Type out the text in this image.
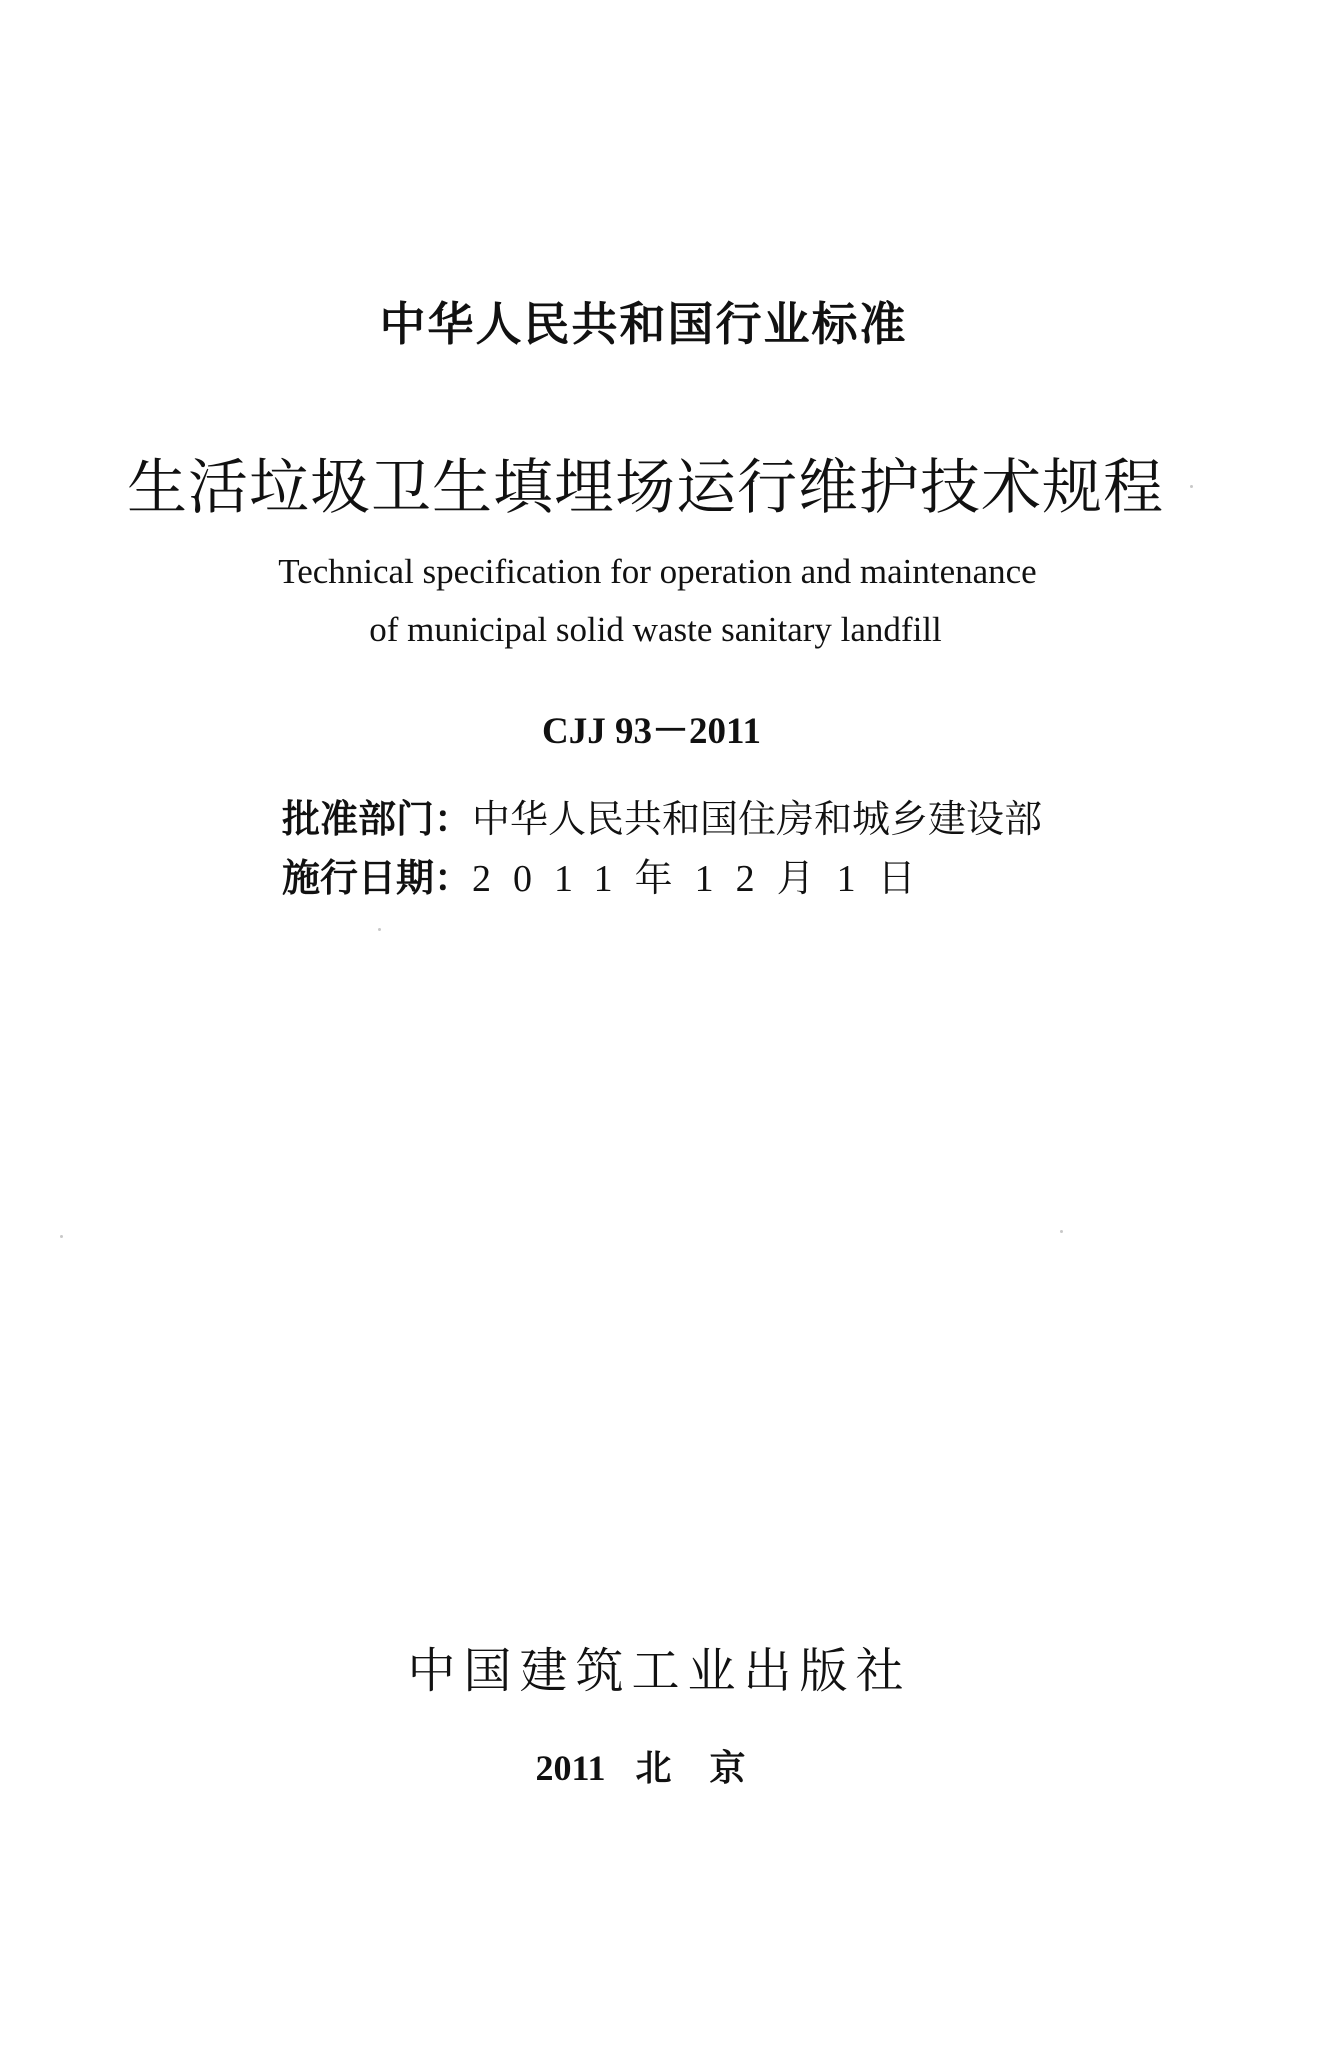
中华人民共和国行业标准

生活垃圾卫生填埋场运行维护技术规程

Technical specification for operation and maintenance

of municipal solid waste sanitary landfill

CJJ 93－2011

批准部门：中华人民共和国住房和城乡建设部
施行日期：2011年12月1日

中国建筑工业出版社

2011 北京
